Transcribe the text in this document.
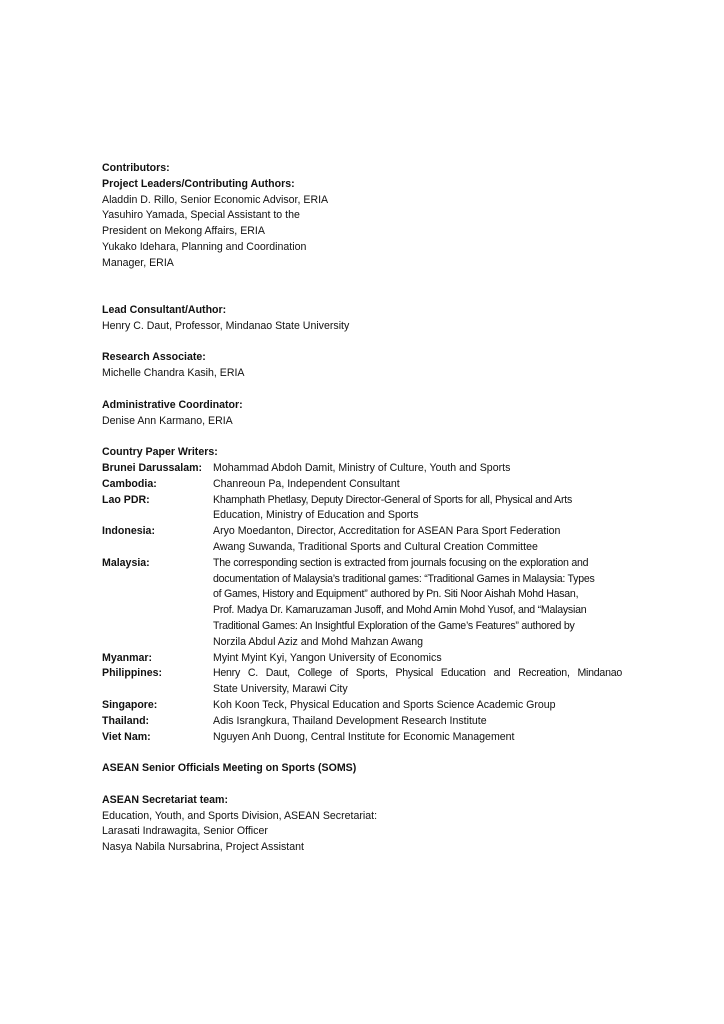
Contributors:
Project Leaders/Contributing Authors:
Aladdin D. Rillo, Senior Economic Advisor, ERIA
Yasuhiro Yamada, Special Assistant to the
President on Mekong Affairs, ERIA
Yukako Idehara, Planning and Coordination
Manager, ERIA
Lead Consultant/Author:
Henry C. Daut, Professor, Mindanao State University
Research Associate:
Michelle Chandra Kasih, ERIA
Administrative Coordinator:
Denise Ann Karmano, ERIA
Country Paper Writers:
Brunei Darussalam:	Mohammad Abdoh Damit, Ministry of Culture, Youth and Sports
Cambodia:	Chanreoun Pa, Independent Consultant
Lao PDR:	Khamphath Phetlasy, Deputy Director-General of Sports for all, Physical and Arts
Education, Ministry of Education and Sports
Indonesia:	Aryo Moedanton, Director, Accreditation for ASEAN Para Sport Federation
Awang Suwanda, Traditional Sports and Cultural Creation Committee
Malaysia:	The corresponding section is extracted from journals focusing on the exploration and
documentation of Malaysia’s traditional games: “Traditional Games in Malaysia: Types
of Games, History and Equipment” authored by Pn. Siti Noor Aishah Mohd Hasan,
Prof. Madya Dr. Kamaruzaman Jusoff, and Mohd Amin Mohd Yusof, and “Malaysian
Traditional Games: An Insightful Exploration of the Game’s Features” authored by
Norzila Abdul Aziz and Mohd Mahzan Awang
Myanmar:	Myint Myint Kyi, Yangon University of Economics
Philippines:	Henry C. Daut, College of Sports, Physical Education and Recreation, Mindanao
State University, Marawi City
Singapore:	Koh Koon Teck, Physical Education and Sports Science Academic Group
Thailand:	Adis Israngkura, Thailand Development Research Institute
Viet Nam:	Nguyen Anh Duong, Central Institute for Economic Management
ASEAN Senior Officials Meeting on Sports (SOMS)
ASEAN Secretariat team:
Education, Youth, and Sports Division, ASEAN Secretariat:
Larasati Indrawagita, Senior Officer
Nasya Nabila Nursabrina, Project Assistant
